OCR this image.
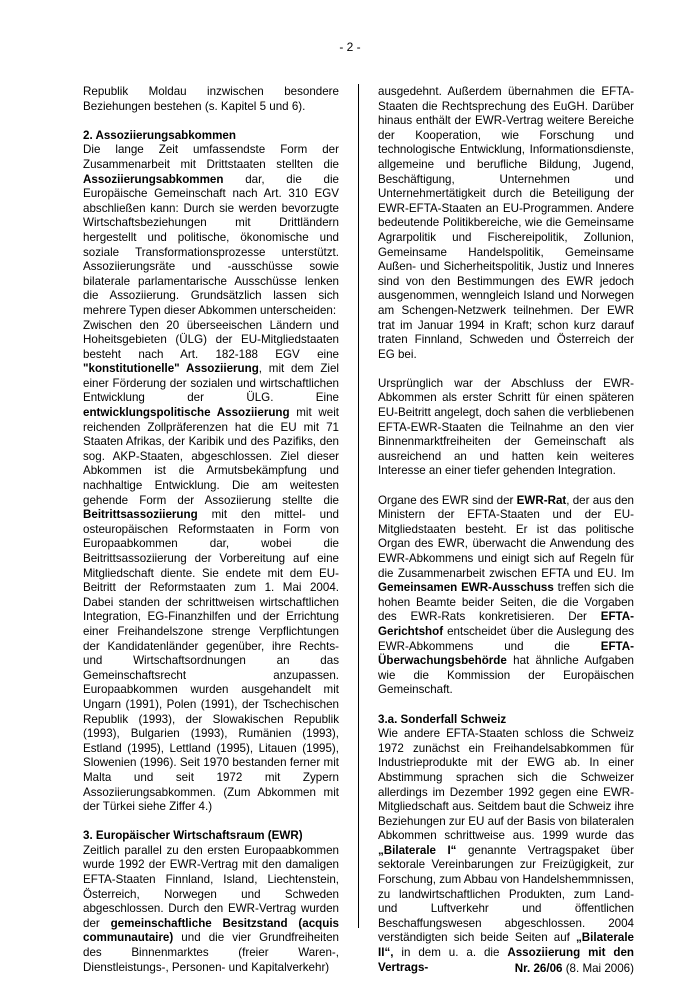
- 2 -

Republik Moldau inzwischen besondere Beziehungen bestehen (s. Kapitel 5 und 6).

2. Assoziierungsabkommen

Die lange Zeit umfassendste Form der Zusammenarbeit mit Drittstaaten stellten die Assoziierungsabkommen dar, die die Europäische Gemeinschaft nach Art. 310 EGV abschließen kann: Durch sie werden bevorzugte Wirtschaftsbeziehungen mit Drittländern hergestellt und politische, ökonomische und soziale Transformationsprozesse unterstützt. Assoziierungsräte und -ausschüsse sowie bilaterale parlamentarische Ausschüsse lenken die Assoziierung. Grundsätzlich lassen sich mehrere Typen dieser Abkommen unterscheiden:

Zwischen den 20 überseeischen Ländern und Hoheitsgebieten (ÜLG) der EU-Mitgliedstaaten besteht nach Art. 182-188 EGV eine "konstitutionelle" Assoziierung, mit dem Ziel einer Förderung der sozialen und wirtschaftlichen Entwicklung der ÜLG. Eine entwicklungspolitische Assoziierung mit weit reichenden Zollpräferenzen hat die EU mit 71 Staaten Afrikas, der Karibik und des Pazifiks, den sog. AKP-Staaten, abgeschlossen. Ziel dieser Abkommen ist die Armutsbekämpfung und nachhaltige Entwicklung. Die am weitesten gehende Form der Assoziierung stellte die Beitrittsassoziierung mit den mittel- und osteuropäischen Reformstaaten in Form von Europaabkommen dar, wobei die Beitrittsassoziierung der Vorbereitung auf eine Mitgliedschaft diente. Sie endete mit dem EU-Beitritt der Reformstaaten zum 1. Mai 2004. Dabei standen der schrittweisen wirtschaftlichen Integration, EG-Finanzhilfen und der Errichtung einer Freihandelszone strenge Verpflichtungen der Kandidatenländer gegenüber, ihre Rechts- und Wirtschaftsordnungen an das Gemeinschaftsrecht anzupassen. Europaabkommen wurden ausgehandelt mit Ungarn (1991), Polen (1991), der Tschechischen Republik (1993), der Slowakischen Republik (1993), Bulgarien (1993), Rumänien (1993), Estland (1995), Lettland (1995), Litauen (1995), Slowenien (1996). Seit 1970 bestanden ferner mit Malta und seit 1972 mit Zypern Assoziierungsabkommen. (Zum Abkommen mit der Türkei siehe Ziffer 4.)

3. Europäischer Wirtschaftsraum (EWR)

Zeitlich parallel zu den ersten Europaabkommen wurde 1992 der EWR-Vertrag mit den damaligen EFTA-Staaten Finnland, Island, Liechtenstein, Österreich, Norwegen und Schweden abgeschlossen. Durch den EWR-Vertrag wurden der gemeinschaftliche Besitzstand (acquis communautaire) und die vier Grundfreiheiten des Binnenmarktes (freier Waren-, Dienstleistungs-, Personen- und Kapitalverkehr)

ausgedehnt. Außerdem übernahmen die EFTA-Staaten die Rechtsprechung des EuGH. Darüber hinaus enthält der EWR-Vertrag weitere Bereiche der Kooperation, wie Forschung und technologische Entwicklung, Informationsdienste, allgemeine und berufliche Bildung, Jugend, Beschäftigung, Unternehmen und Unternehmertätigkeit durch die Beteiligung der EWR-EFTA-Staaten an EU-Programmen. Andere bedeutende Politikbereiche, wie die Gemeinsame Agrarpolitik und Fischereipolitik, Zollunion, Gemeinsame Handelspolitik, Gemeinsame Außen- und Sicherheitspolitik, Justiz und Inneres sind von den Bestimmungen des EWR jedoch ausgenommen, wenngleich Island und Norwegen am Schengen-Netzwerk teilnehmen. Der EWR trat im Januar 1994 in Kraft; schon kurz darauf traten Finnland, Schweden und Österreich der EG bei.

Ursprünglich war der Abschluss der EWR-Abkommen als erster Schritt für einen späteren EU-Beitritt angelegt, doch sahen die verbliebenen EFTA-EWR-Staaten die Teilnahme an den vier Binnenmarktfreiheiten der Gemeinschaft als ausreichend an und hatten kein weiteres Interesse an einer tiefer gehenden Integration.

Organe des EWR sind der EWR-Rat, der aus den Ministern der EFTA-Staaten und der EU-Mitgliedstaaten besteht. Er ist das politische Organ des EWR, überwacht die Anwendung des EWR-Abkommens und einigt sich auf Regeln für die Zusammenarbeit zwischen EFTA und EU. Im Gemeinsamen EWR-Ausschuss treffen sich die hohen Beamte beider Seiten, die die Vorgaben des EWR-Rats konkretisieren. Der EFTA-Gerichtshof entscheidet über die Auslegung des EWR-Abkommens und die EFTA-Überwachungsbehörde hat ähnliche Aufgaben wie die Kommission der Europäischen Gemeinschaft.

3.a. Sonderfall Schweiz

Wie andere EFTA-Staaten schloss die Schweiz 1972 zunächst ein Freihandelsabkommen für Industrieprodukte mit der EWG ab. In einer Abstimmung sprachen sich die Schweizer allerdings im Dezember 1992 gegen eine EWR-Mitgliedschaft aus. Seitdem baut die Schweiz ihre Beziehungen zur EU auf der Basis von bilateralen Abkommen schrittweise aus. 1999 wurde das „Bilaterale I“ genannte Vertragspaket über sektorale Vereinbarungen zur Freizügigkeit, zur Forschung, zum Abbau von Handelshemmnissen, zu landwirtschaftlichen Produkten, zum Land- und Luftverkehr und öffentlichen Beschaffungswesen abgeschlossen. 2004 verständigten sich beide Seiten auf „Bilaterale II“, in dem u. a. die Assoziierung mit den Vertrags-	Nr. 26/06 (8. Mai 2006)
